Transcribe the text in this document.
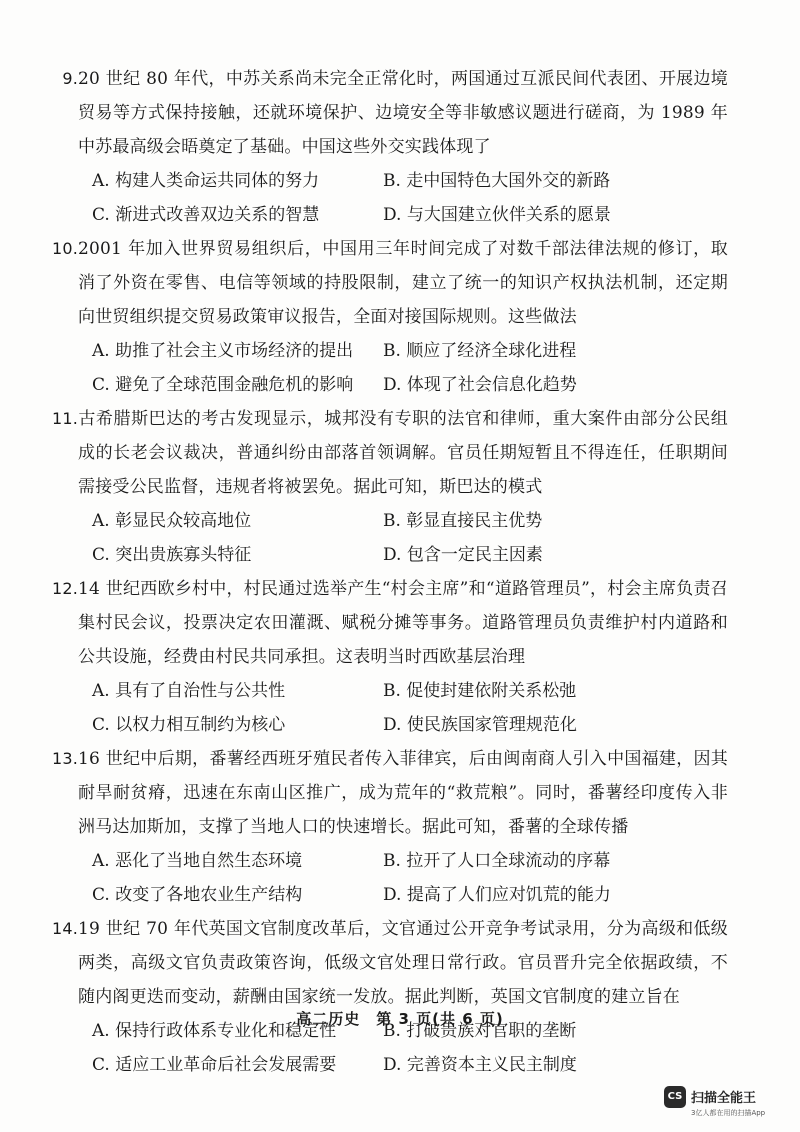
9.20 世纪 80 年代，中苏关系尚未完全正常化时，两国通过互派民间代表团、开展边境贸易等方式保持接触，还就环境保护、边境安全等非敏感议题进行磋商，为 1989 年中苏最高级会晤奠定了基础。中国这些外交实践体现了
A. 构建人类命运共同体的努力	B. 走中国特色大国外交的新路
C. 渐进式改善双边关系的智慧	D. 与大国建立伙伴关系的愿景
10.2001 年加入世界贸易组织后，中国用三年时间完成了对数千部法律法规的修订，取消了外资在零售、电信等领域的持股限制，建立了统一的知识产权执法机制，还定期向世贸组织提交贸易政策审议报告，全面对接国际规则。这些做法
A. 助推了社会主义市场经济的提出	B. 顺应了经济全球化进程
C. 避免了全球范围金融危机的影响	D. 体现了社会信息化趋势
11.古希腊斯巴达的考古发现显示，城邦没有专职的法官和律师，重大案件由部分公民组成的长老会议裁决，普通纠纷由部落首领调解。官员任期短暂且不得连任，任职期间需接受公民监督，违规者将被罢免。据此可知，斯巴达的模式
A. 彰显民众较高地位	B. 彰显直接民主优势
C. 突出贵族寡头特征	D. 包含一定民主因素
12.14 世纪西欧乡村中，村民通过选举产生“村会主席”和“道路管理员”，村会主席负责召集村民会议，投票决定农田灌溉、赋税分摊等事务。道路管理员负责维护村内道路和公共设施，经费由村民共同承担。这表明当时西欧基层治理
A. 具有了自治性与公共性	B. 促使封建依附关系松弛
C. 以权力相互制约为核心	D. 使民族国家管理规范化
13.16 世纪中后期，番薯经西班牙殖民者传入菲律宾，后由闽南商人引入中国福建，因其耐旱耐贫瘠，迅速在东南山区推广，成为荒年的“救荒粮”。同时，番薯经印度传入非洲马达加斯加，支撑了当地人口的快速增长。据此可知，番薯的全球传播
A. 恶化了当地自然生态环境	B. 拉开了人口全球流动的序幕
C. 改变了各地农业生产结构	D. 提高了人们应对饥荒的能力
14.19 世纪 70 年代英国文官制度改革后，文官通过公开竞争考试录用，分为高级和低级两类，高级文官负责政策咨询，低级文官处理日常行政。官员晋升完全依据政绩，不随内阁更迭而变动，薪酬由国家统一发放。据此判断，英国文官制度的建立旨在
A. 保持行政体系专业化和稳定性	B. 打破贵族对官职的垄断
C. 适应工业革命后社会发展需要	D. 完善资本主义民主制度
高二历史　第 3 页(共 6 页)
CS 扫描全能王
3亿人都在用的扫描App
